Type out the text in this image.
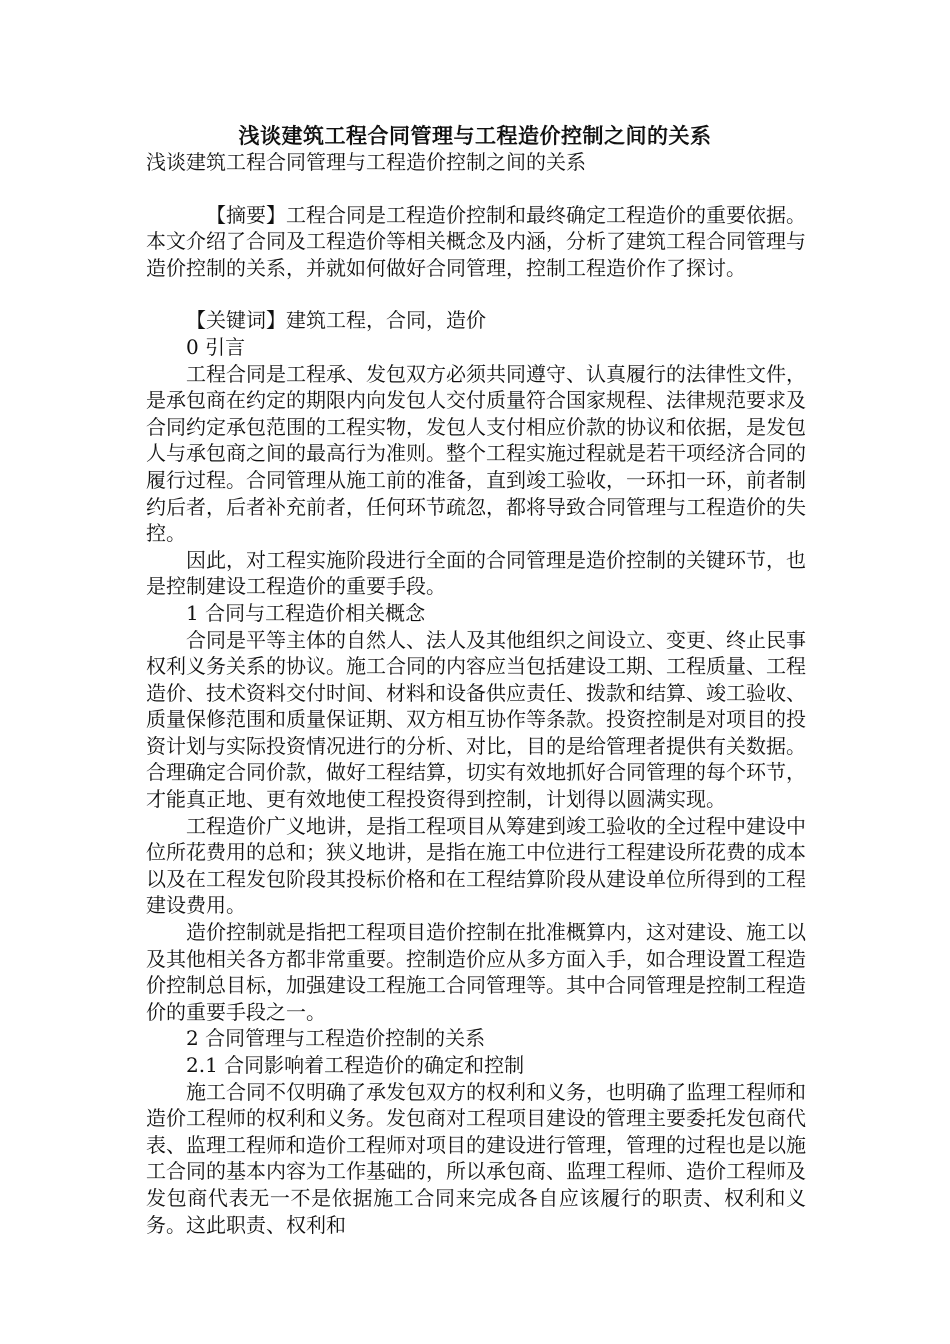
浅谈建筑工程合同管理与工程造价控制之间的关系

浅谈建筑工程合同管理与工程造价控制之间的关系

【摘要】工程合同是工程造价控制和最终确定工程造价的重要依据。本文介绍了合同及工程造价等相关概念及内涵，分析了建筑工程合同管理与造价控制的关系，并就如何做好合同管理，控制工程造价作了探讨。

【关键词】建筑工程，合同，造价

0 引言

工程合同是工程承、发包双方必须共同遵守、认真履行的法律性文件，是承包商在约定的期限内向发包人交付质量符合国家规程、法律规范要求及合同约定承包范围的工程实物，发包人支付相应价款的协议和依据，是发包人与承包商之间的最高行为准则。整个工程实施过程就是若干项经济合同的履行过程。合同管理从施工前的准备，直到竣工验收，一环扣一环，前者制约后者，后者补充前者，任何环节疏忽，都将导致合同管理与工程造价的失控。

因此，对工程实施阶段进行全面的合同管理是造价控制的关键环节，也是控制建设工程造价的重要手段。

1 合同与工程造价相关概念

合同是平等主体的自然人、法人及其他组织之间设立、变更、终止民事权利义务关系的协议。施工合同的内容应当包括建设工期、工程质量、工程造价、技术资料交付时间、材料和设备供应责任、拨款和结算、竣工验收、质量保修范围和质量保证期、双方相互协作等条款。投资控制是对项目的投资计划与实际投资情况进行的分析、对比，目的是给管理者提供有关数据。合理确定合同价款，做好工程结算，切实有效地抓好合同管理的每个环节，才能真正地、更有效地使工程投资得到控制，计划得以圆满实现。

工程造价广义地讲，是指工程项目从筹建到竣工验收的全过程中建设中位所花费用的总和；狭义地讲，是指在施工中位进行工程建设所花费的成本以及在工程发包阶段其投标价格和在工程结算阶段从建设单位所得到的工程建设费用。

造价控制就是指把工程项目造价控制在批准概算内，这对建设、施工以及其他相关各方都非常重要。控制造价应从多方面入手，如合理设置工程造价控制总目标，加强建设工程施工合同管理等。其中合同管理是控制工程造价的重要手段之一。

2 合同管理与工程造价控制的关系

2.1 合同影响着工程造价的确定和控制

施工合同不仅明确了承发包双方的权利和义务，也明确了监理工程师和造价工程师的权利和义务。发包商对工程项目建设的管理主要委托发包商代表、监理工程师和造价工程师对项目的建设进行管理，管理的过程也是以施工合同的基本内容为工作基础的，所以承包商、监理工程师、造价工程师及发包商代表无一不是依据施工合同来完成各自应该履行的职责、权利和义务。这此职责、权利和
